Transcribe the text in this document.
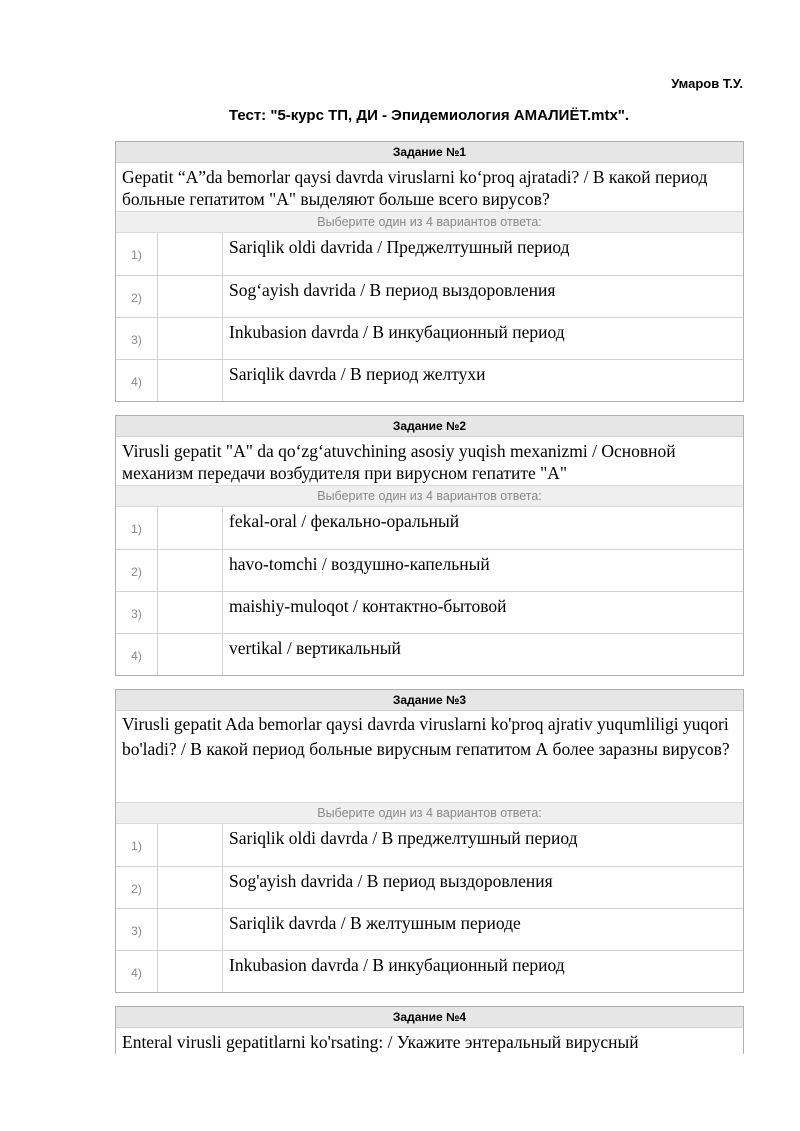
Умаров Т.У.
Тест: "5-курс ТП, ДИ - Эпидемиология АМАЛИЁТ.mtx".
Задание №1
Gepatit “A”da bemorlar qaysi davrda viruslarni ko‘proq ajratadi? / В какой период больные гепатитом "А" выделяют больше всего вирусов?
Выберите один из 4 вариантов ответа:
1)	Sariqlik oldi davrida / Преджелтушный период
2)	Sog‘ayish davrida / В период выздоровления
3)	Inkubasion davrda / В инкубационный период
4)	Sariqlik davrda / В период желтухи
Задание №2
Virusli gepatit "A" da qo‘zg‘atuvchining asosiy yuqish mexanizmi / Основной механизм передачи возбудителя при вирусном гепатите "А"
Выберите один из 4 вариантов ответа:
1)	fekal-oral / фекально-оральный
2)	havo-tomchi / воздушно-капельный
3)	maishiy-muloqot / контактно-бытовой
4)	vertikal / вертикальный
Задание №3
Virusli gepatit Ada bemorlar qaysi davrda viruslarni ko'proq ajrativ yuqumliligi yuqori bo'ladi? / В какой период больные вирусным гепатитом А более заразны вирусов?
Выберите один из 4 вариантов ответа:
1)	Sariqlik oldi davrda / В преджелтушный период
2)	Sog'ayish davrida / В период выздоровления
3)	Sariqlik davrda / В желтушным периоде
4)	Inkubasion davrda / В инкубационный период
Задание №4
Enteral virusli gepatitlarni ko'rsating: / Укажите энтеральный вирусный
